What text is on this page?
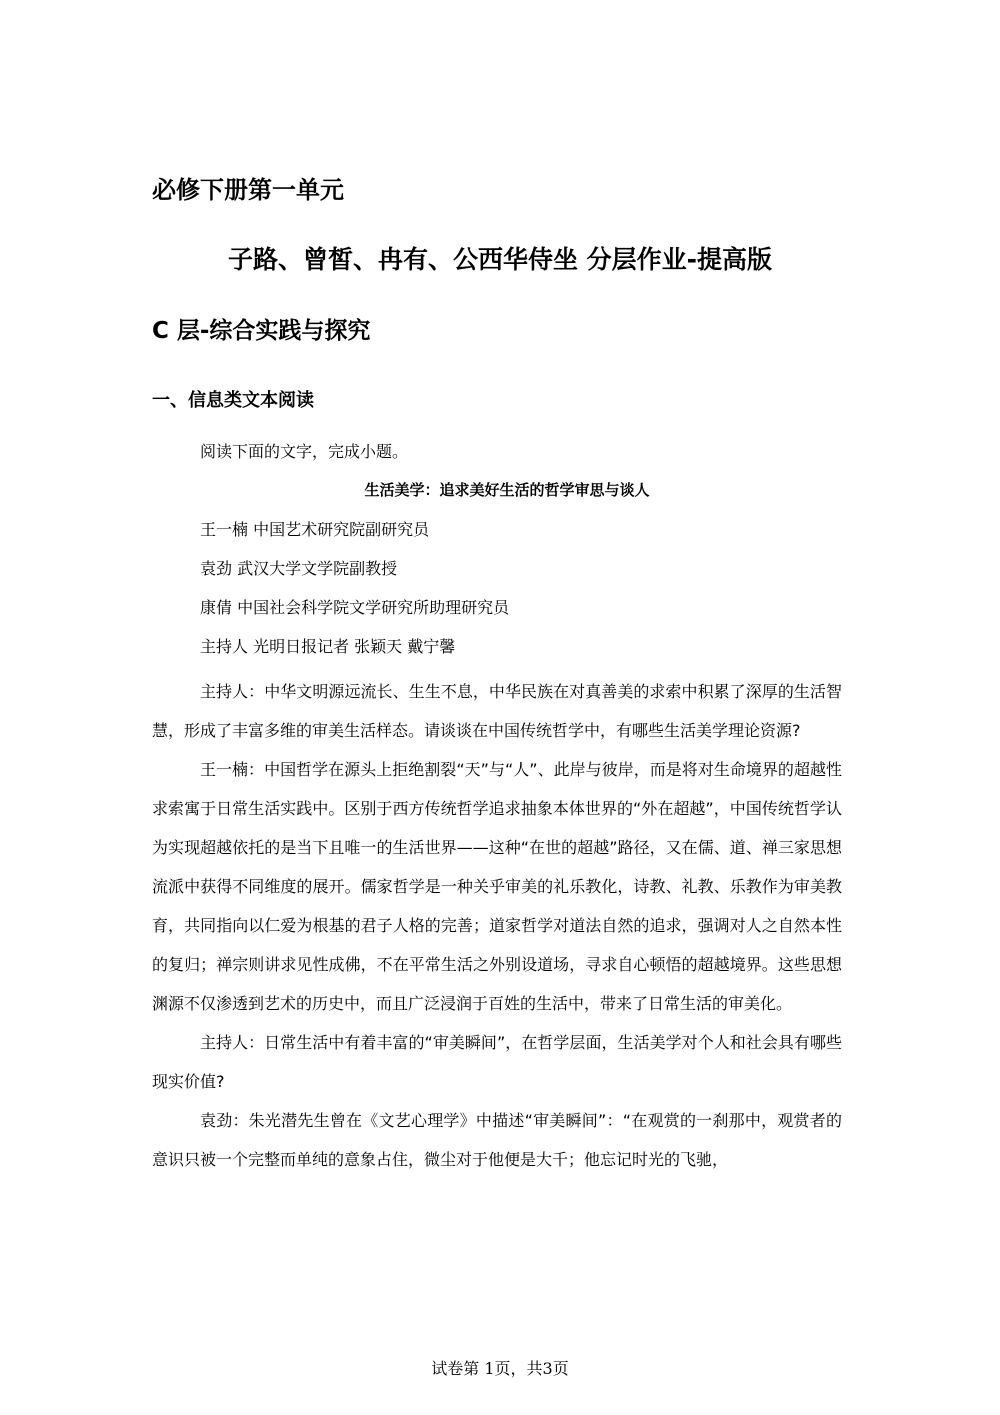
必修下册第一单元
子路、曾皙、冉有、公西华侍坐 分层作业-提高版
C 层-综合实践与探究
一、信息类文本阅读

阅读下面的文字，完成小题。

生活美学：追求美好生活的哲学审思与谈人

王一楠 中国艺术研究院副研究员

袁劲 武汉大学文学院副教授

康倩 中国社会科学院文学研究所助理研究员

主持人 光明日报记者 张颖天 戴宁馨

主持人：中华文明源远流长、生生不息，中华民族在对真善美的求索中积累了深厚的生活智慧，形成了丰富多维的审美生活样态。请谈谈在中国传统哲学中，有哪些生活美学理论资源?

王一楠：中国哲学在源头上拒绝割裂“天”与“人”、此岸与彼岸，而是将对生命境界的超越性求索寓于日常生活实践中。区别于西方传统哲学追求抽象本体世界的“外在超越”，中国传统哲学认为实现超越依托的是当下且唯一的生活世界——这种“在世的超越”路径，又在儒、道、禅三家思想流派中获得不同维度的展开。儒家哲学是一种关乎审美的礼乐教化，诗教、礼教、乐教作为审美教育，共同指向以仁爱为根基的君子人格的完善；道家哲学对道法自然的追求，强调对人之自然本性的复归；禅宗则讲求见性成佛，不在平常生活之外别设道场，寻求自心顿悟的超越境界。这些思想渊源不仅渗透到艺术的历史中，而且广泛浸润于百姓的生活中，带来了日常生活的审美化。

主持人：日常生活中有着丰富的“审美瞬间”，在哲学层面，生活美学对个人和社会具有哪些现实价值?

袁劲：朱光潜先生曾在《文艺心理学》中描述“审美瞬间”：“在观赏的一刹那中，观赏者的意识只被一个完整而单纯的意象占住，微尘对于他便是大千；他忘记时光的飞驰，

试卷第 1页，共3页
